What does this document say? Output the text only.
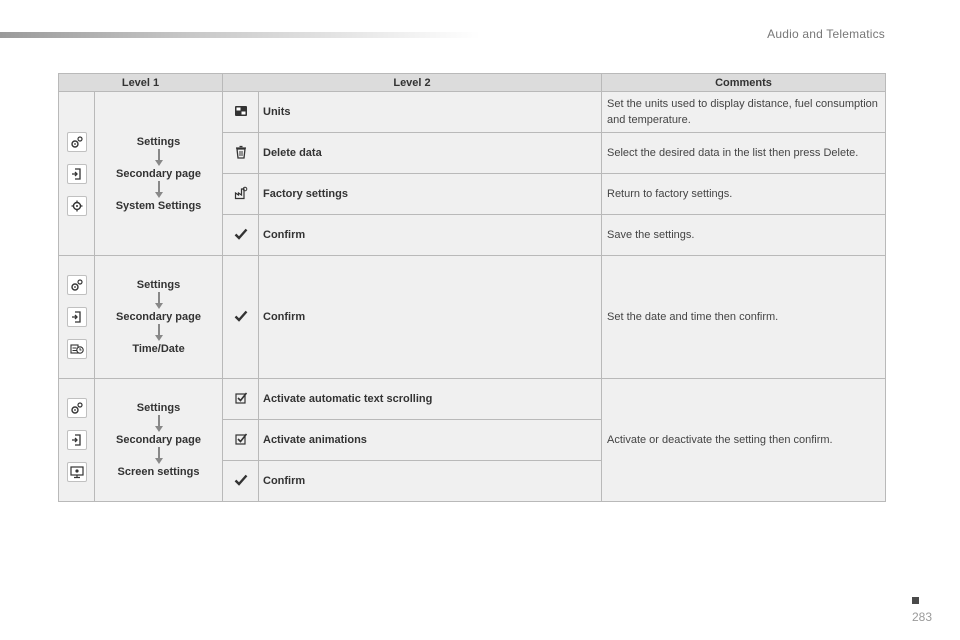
Audio and Telematics
Level 1		Level 2		Comments

Settings
Secondary page
System Settings		Units	Set the units used to display distance, fuel consumption and temperature.
	Delete data	Select the desired data in the list then press Delete.
	Factory settings	Return to factory settings.
	Confirm	Save the settings.

Settings
Secondary page
Time/Date		Confirm	Set the date and time then confirm.

Settings
Secondary page
Screen settings		Activate automatic text scrolling	Activate or deactivate the setting then confirm.
	Activate animations	
	Confirm	
283
